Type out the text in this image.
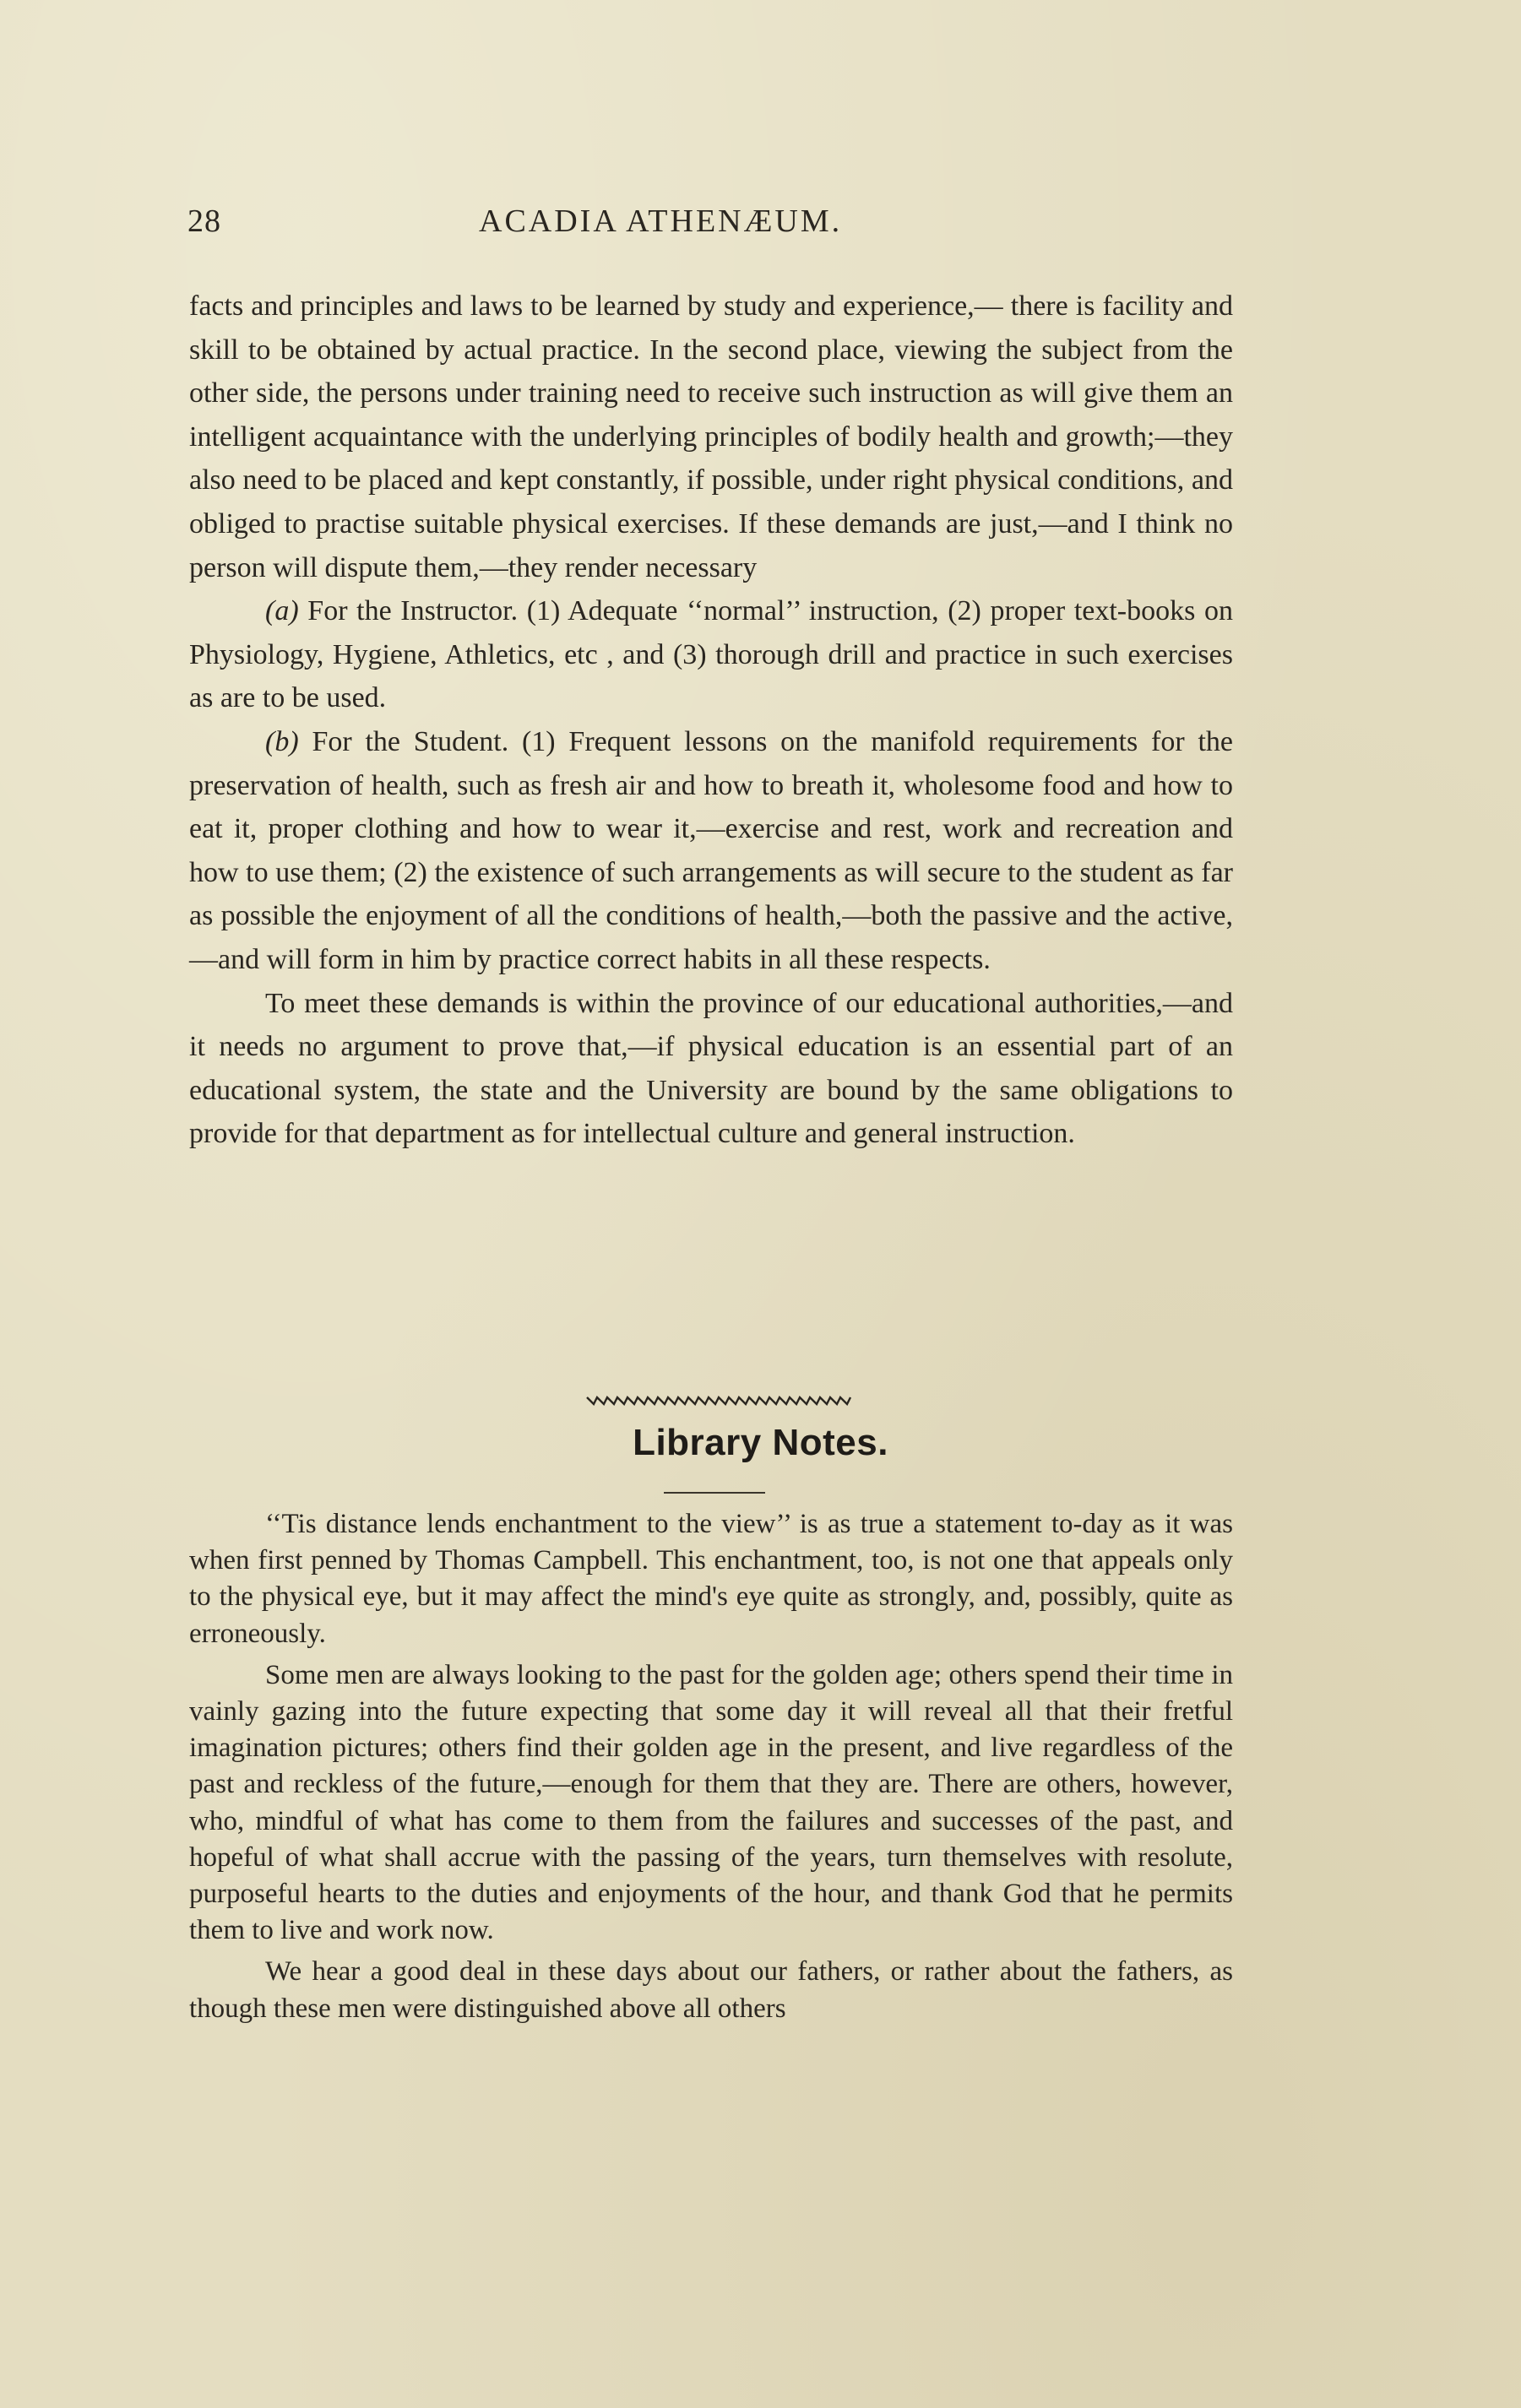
28	ACADIA ATHENÆUM.

facts and principles and laws to be learned by study and experience,— there is facility and skill to be obtained by actual practice. In the second place, viewing the subject from the other side, the persons under training need to receive such instruction as will give them an intelligent acquaintance with the underlying principles of bodily health and growth;—they also need to be placed and kept constantly, if possible, under right physical conditions, and obliged to practise suitable physical exercises. If these demands are just,—and I think no person will dispute them,—they render necessary

(a) For the Instructor. (1) Adequate ‘‘normal’’ instruction, (2) proper text-books on Physiology, Hygiene, Athletics, etc , and (3) thorough drill and practice in such exercises as are to be used.

(b) For the Student. (1) Frequent lessons on the manifold requirements for the preservation of health, such as fresh air and how to breath it, wholesome food and how to eat it, proper clothing and how to wear it,—exercise and rest, work and recreation and how to use them; (2) the existence of such arrangements as will secure to the student as far as possible the enjoyment of all the conditions of health,—both the passive and the active,—and will form in him by practice correct habits in all these respects.

To meet these demands is within the province of our educational authorities,—and it needs no argument to prove that,—if physical education is an essential part of an educational system, the state and the University are bound by the same obligations to provide for that department as for intellectual culture and general instruction.

Library Notes.

‘‘Tis distance lends enchantment to the view’’ is as true a statement to-day as it was when first penned by Thomas Campbell. This enchantment, too, is not one that appeals only to the physical eye, but it may affect the mind's eye quite as strongly, and, possibly, quite as erroneously.

Some men are always looking to the past for the golden age; others spend their time in vainly gazing into the future expecting that some day it will reveal all that their fretful imagination pictures; others find their golden age in the present, and live regardless of the past and reckless of the future,—enough for them that they are. There are others, however, who, mindful of what has come to them from the failures and successes of the past, and hopeful of what shall accrue with the passing of the years, turn themselves with resolute, purposeful hearts to the duties and enjoyments of the hour, and thank God that he permits them to live and work now.

We hear a good deal in these days about our fathers, or rather about the fathers, as though these men were distinguished above all others
